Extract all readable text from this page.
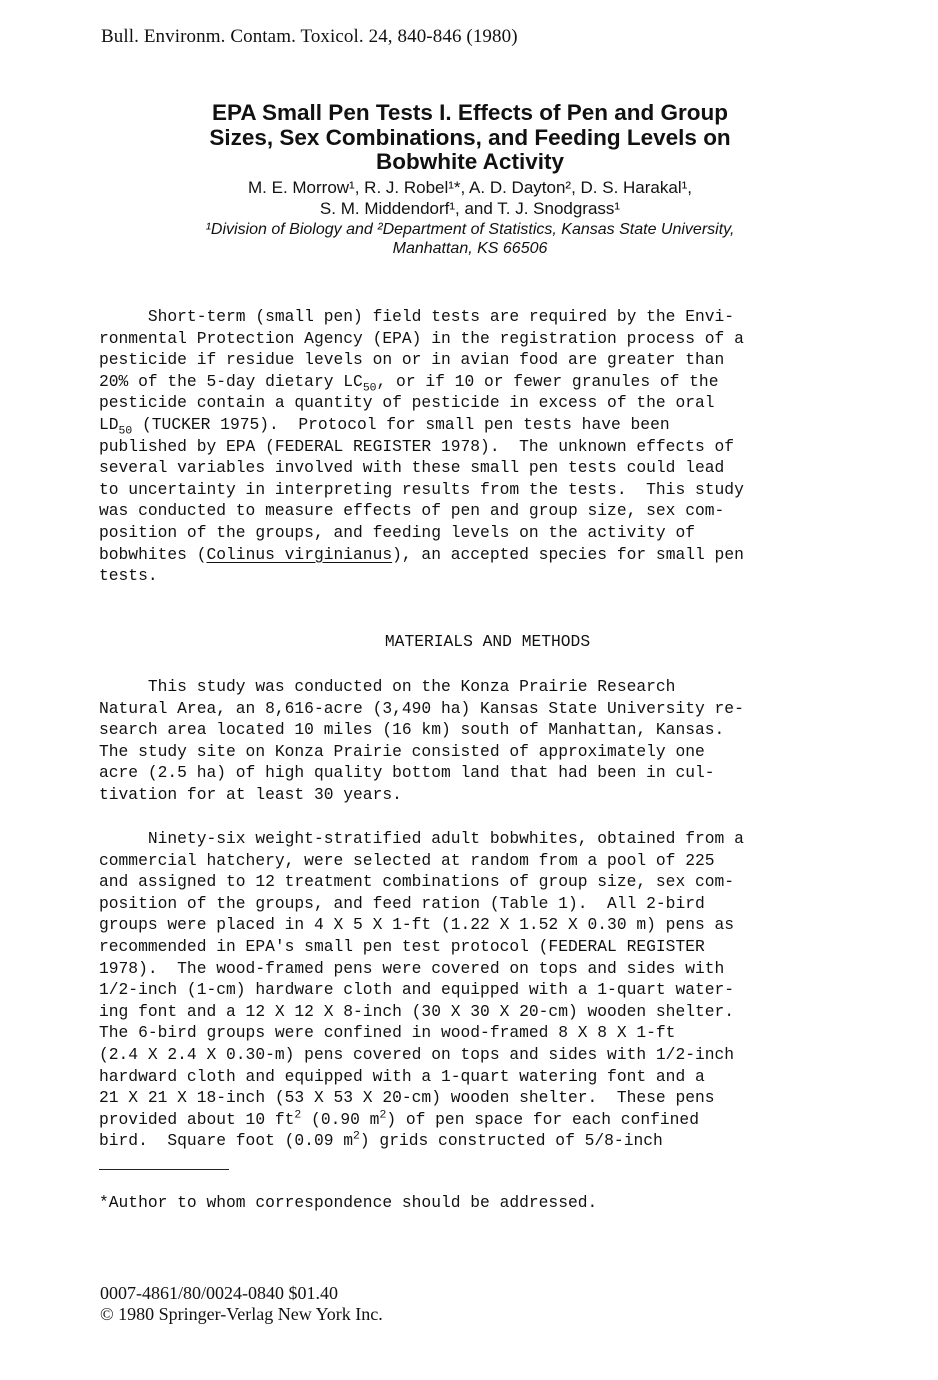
Bull. Environm. Contam. Toxicol. 24, 840-846 (1980)
EPA Small Pen Tests I. Effects of Pen and Group
Sizes, Sex Combinations, and Feeding Levels on
Bobwhite Activity
M. E. Morrow¹, R. J. Robel¹*, A. D. Dayton², D. S. Harakal¹,
S. M. Middendorf¹, and T. J. Snodgrass¹
¹Division of Biology and ²Department of Statistics, Kansas State University,
Manhattan, KS 66506
Short-term (small pen) field tests are required by the Envi-
ronmental Protection Agency (EPA) in the registration process of a
pesticide if residue levels on or in avian food are greater than
20% of the 5-day dietary $LC_{50}$, or if 10 or fewer granules of the
pesticide contain a quantity of pesticide in excess of the oral
$LD_{50}$ (TUCKER 1975).  Protocol for small pen tests have been
published by EPA (FEDERAL REGISTER 1978).  The unknown effects of
several variables involved with these small pen tests could lead
to uncertainty in interpreting results from the tests.  This study
was conducted to measure effects of pen and group size, sex com-
position of the groups, and feeding levels on the activity of
bobwhites (Colinus virginianus), an accepted species for small pen
tests.
MATERIALS AND METHODS
This study was conducted on the Konza Prairie Research
Natural Area, an 8,616-acre (3,490 ha) Kansas State University re-
search area located 10 miles (16 km) south of Manhattan, Kansas.
The study site on Konza Prairie consisted of approximately one
acre (2.5 ha) of high quality bottom land that had been in cul-
tivation for at least 30 years.
Ninety-six weight-stratified adult bobwhites, obtained from a
commercial hatchery, were selected at random from a pool of 225
and assigned to 12 treatment combinations of group size, sex com-
position of the groups, and feed ration (Table 1).  All 2-bird
groups were placed in 4 X 5 X 1-ft (1.22 X 1.52 X 0.30 m) pens as
recommended in EPA's small pen test protocol (FEDERAL REGISTER
1978).  The wood-framed pens were covered on tops and sides with
1/2-inch (1-cm) hardware cloth and equipped with a 1-quart water-
ing font and a 12 X 12 X 8-inch (30 X 30 X 20-cm) wooden shelter.
The 6-bird groups were confined in wood-framed 8 X 8 X 1-ft
(2.4 X 2.4 X 0.30-m) pens covered on tops and sides with 1/2-inch
hardward cloth and equipped with a 1-quart watering font and a
21 X 21 X 18-inch (53 X 53 X 20-cm) wooden shelter.  These pens
provided about 10 $ft^2$ (0.90 $m^2$) of pen space for each confined
bird.  Square foot (0.09 $m^2$) grids constructed of 5/8-inch
*Author to whom correspondence should be addressed.
0007-4861/80/0024-0840 $01.40
© 1980 Springer-Verlag New York Inc.
